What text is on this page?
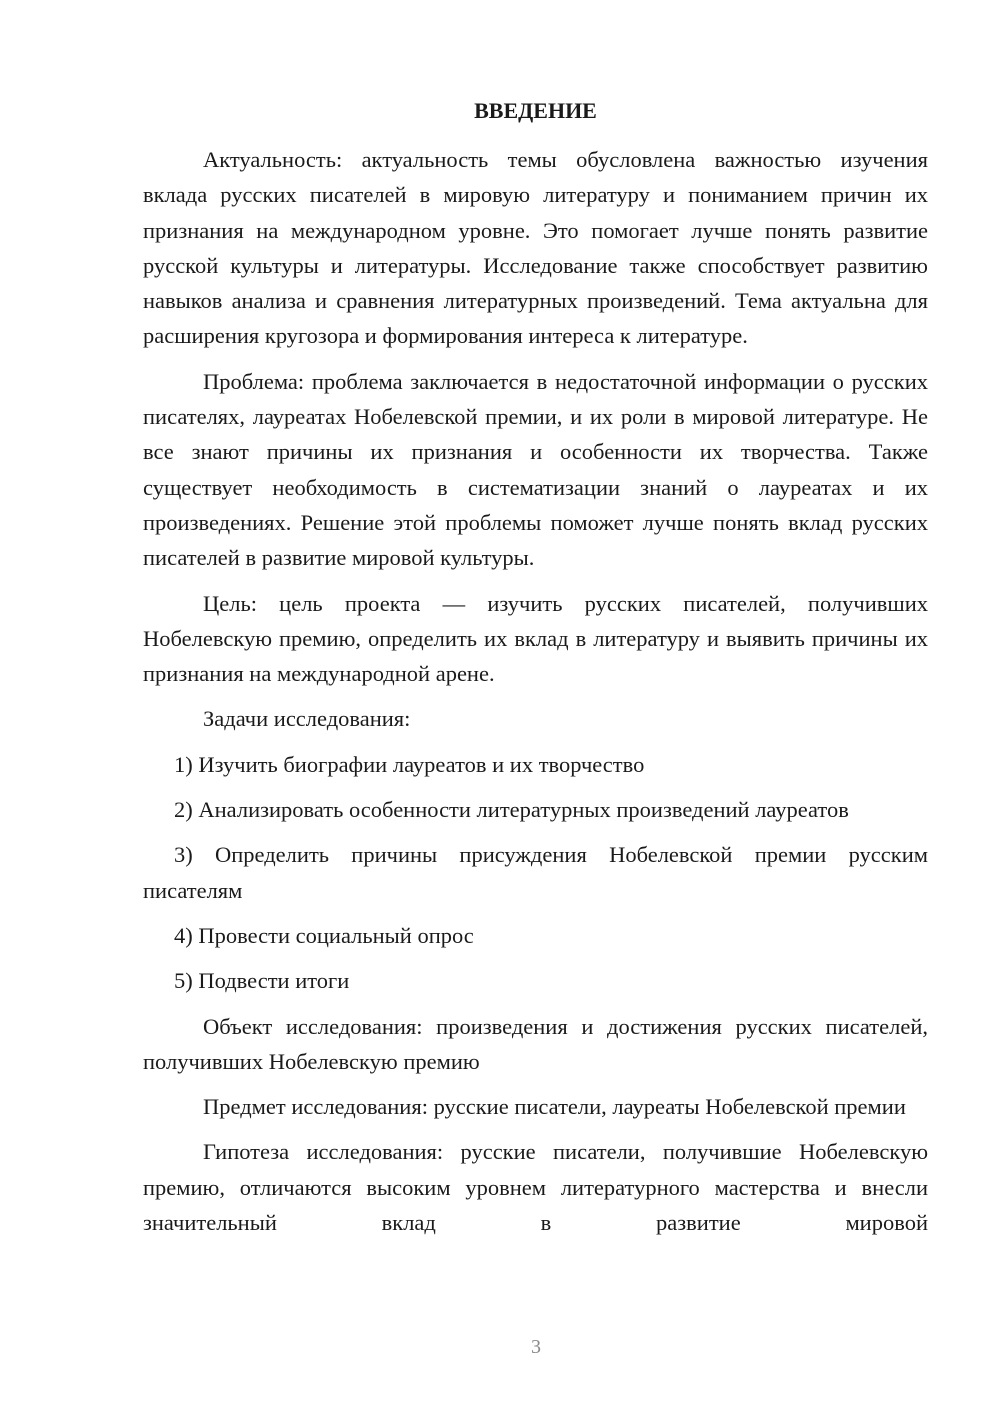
ВВЕДЕНИЕ

Актуальность: актуальность темы обусловлена важностью изучения вклада русских писателей в мировую литературу и пониманием причин их признания на международном уровне. Это помогает лучше понять развитие русской культуры и литературы. Исследование также способствует развитию навыков анализа и сравнения литературных произведений. Тема актуальна для расширения кругозора и формирования интереса к литературе.

Проблема: проблема заключается в недостаточной информации о русских писателях, лауреатах Нобелевской премии, и их роли в мировой литературе. Не все знают причины их признания и особенности их творчества. Также существует необходимость в систематизации знаний о лауреатах и их произведениях. Решение этой проблемы поможет лучше понять вклад русских писателей в развитие мировой культуры.

Цель: цель проекта — изучить русских писателей, получивших Нобелевскую премию, определить их вклад в литературу и выявить причины их признания на международной арене.

Задачи исследования:

1) Изучить биографии лауреатов и их творчество

2) Анализировать особенности литературных произведений лауреатов

3) Определить причины присуждения Нобелевской премии русским писателям

4) Провести социальный опрос

5) Подвести итоги

Объект исследования: произведения и достижения русских писателей, получивших Нобелевскую премию

Предмет исследования: русские писатели, лауреаты Нобелевской премии

Гипотеза исследования: русские писатели, получившие Нобелевскую премию, отличаются высоким уровнем литературного мастерства и внесли значительный вклад в развитие мировой

3
